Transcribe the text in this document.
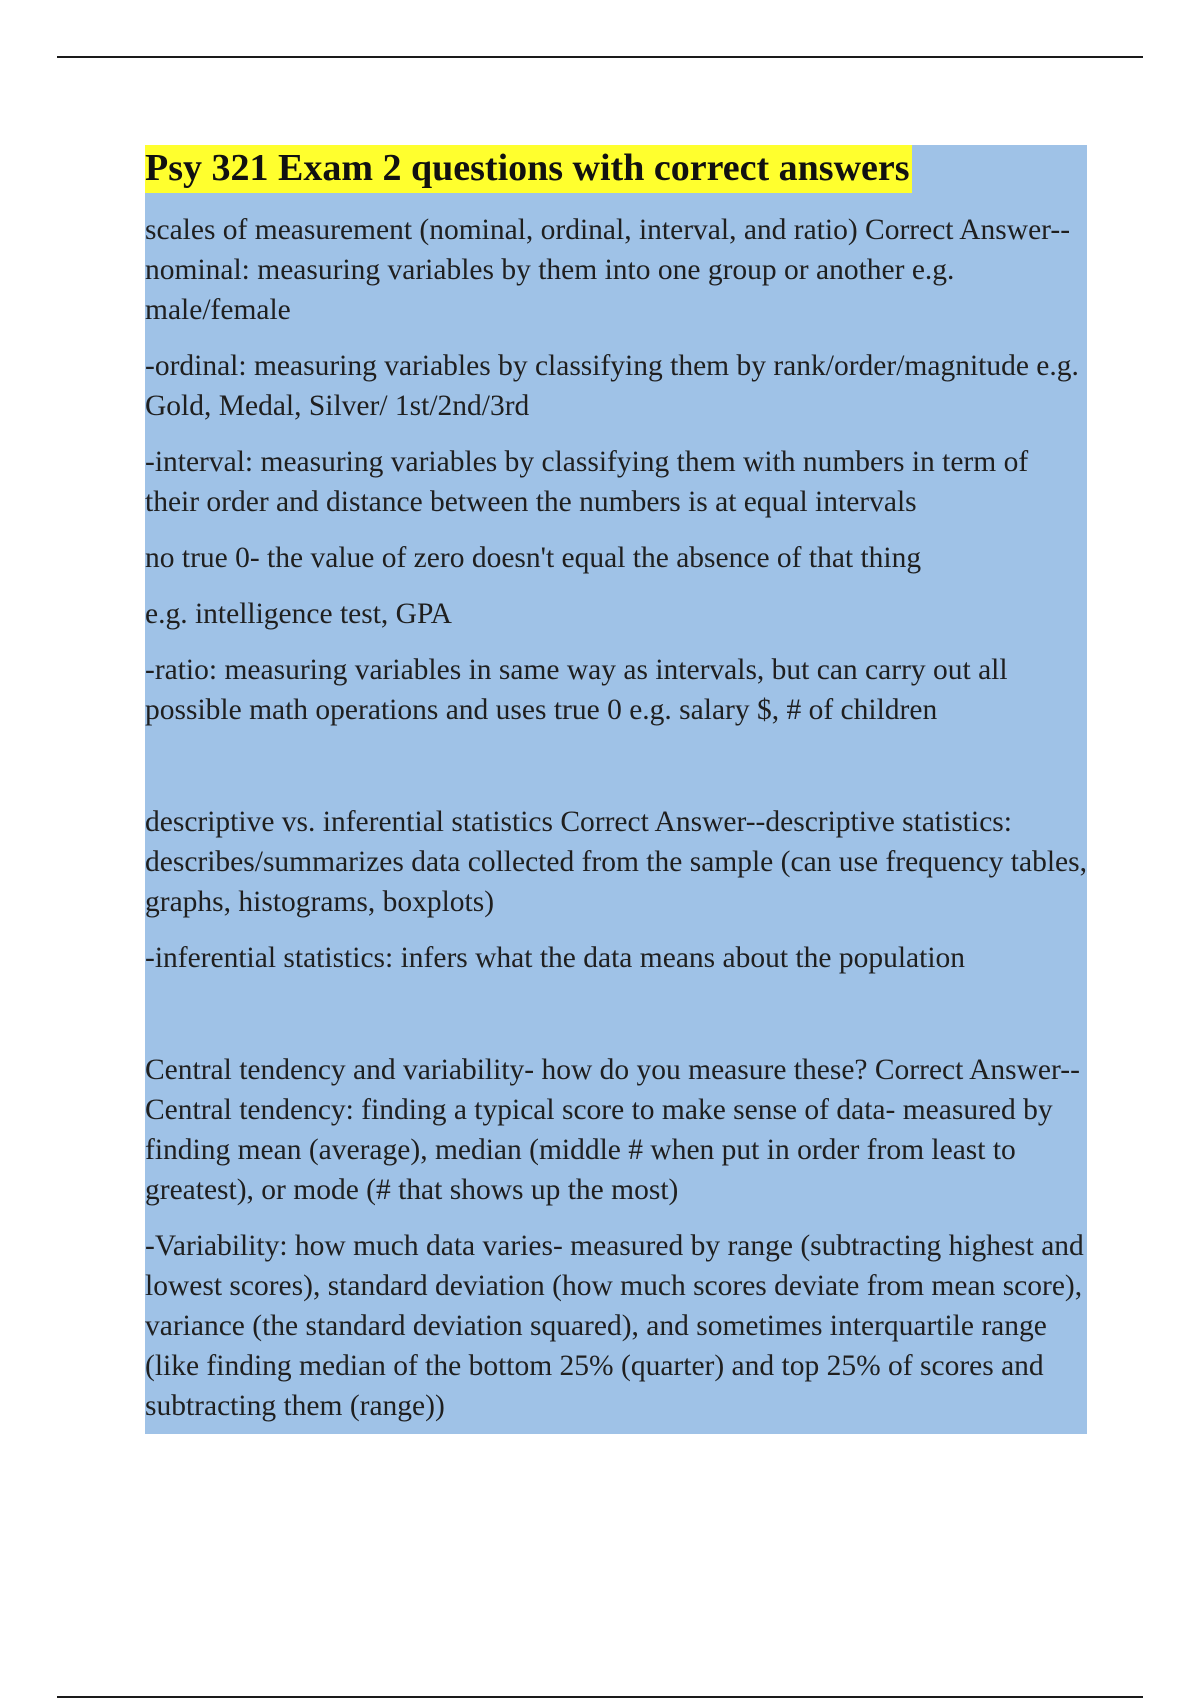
Psy 321 Exam 2 questions with correct answers

scales of measurement (nominal, ordinal, interval, and ratio) Correct Answer--nominal: measuring variables by them into one group or another e.g. male/female

-ordinal: measuring variables by classifying them by rank/order/magnitude e.g. Gold, Medal, Silver/ 1st/2nd/3rd

-interval: measuring variables by classifying them with numbers in term of their order and distance between the numbers is at equal intervals

no true 0- the value of zero doesn't equal the absence of that thing

e.g. intelligence test, GPA

-ratio: measuring variables in same way as intervals, but can carry out all possible math operations and uses true 0 e.g. salary $, # of children

descriptive vs. inferential statistics Correct Answer--descriptive statistics: describes/summarizes data collected from the sample (can use frequency tables, graphs, histograms, boxplots)

-inferential statistics: infers what the data means about the population

Central tendency and variability- how do you measure these? Correct Answer--Central tendency: finding a typical score to make sense of data- measured by finding mean (average), median (middle # when put in order from least to greatest), or mode (# that shows up the most)

-Variability: how much data varies- measured by range (subtracting highest and lowest scores), standard deviation (how much scores deviate from mean score), variance (the standard deviation squared), and sometimes interquartile range (like finding median of the bottom 25% (quarter) and top 25% of scores and subtracting them (range))
